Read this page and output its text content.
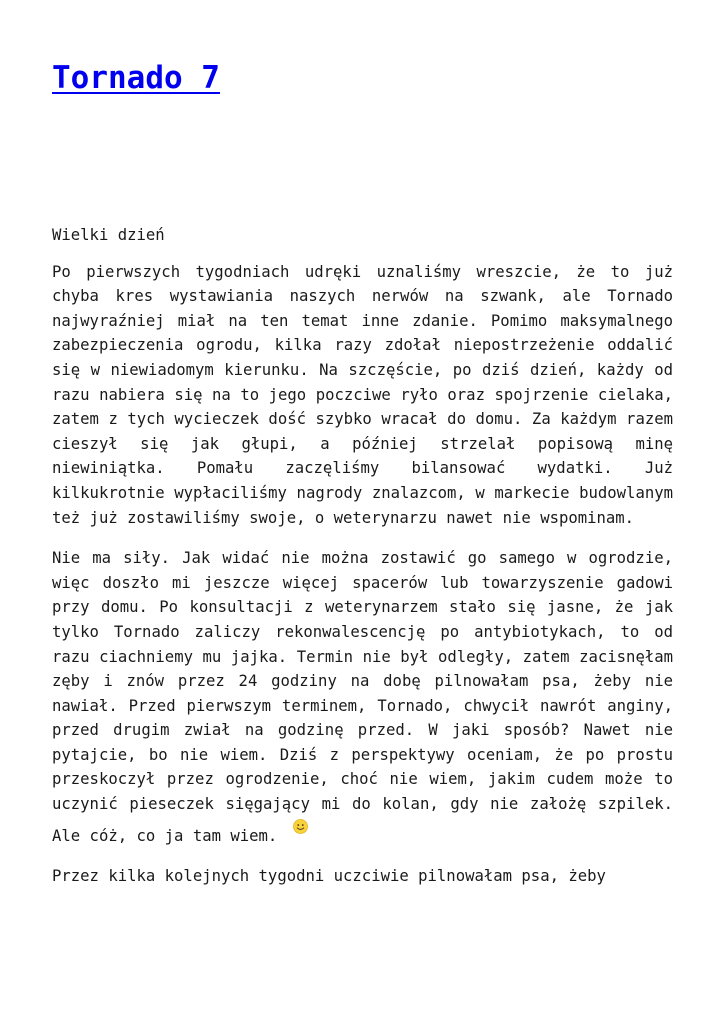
Tornado 7

Wielki dzień

Po pierwszych tygodniach udręki uznaliśmy wreszcie, że to już chyba kres wystawiania naszych nerwów na szwank, ale Tornado najwyraźniej miał na ten temat inne zdanie. Pomimo maksymalnego zabezpieczenia ogrodu, kilka razy zdołał niepostrzeżenie oddalić się w niewiadomym kierunku. Na szczęście, po dziś dzień, każdy od razu nabiera się na to jego poczciwe ryło oraz spojrzenie cielaka, zatem z tych wycieczek dość szybko wracał do domu. Za każdym razem cieszył się jak głupi, a później strzelał popisową minę niewiniątka. Pomału zaczęliśmy bilansować wydatki. Już kilkukrotnie wypłaciliśmy nagrody znalazcom, w markecie budowlanym też już zostawiliśmy swoje, o weterynarzu nawet nie wspominam.

Nie ma siły. Jak widać nie można zostawić go samego w ogrodzie, więc doszło mi jeszcze więcej spacerów lub towarzyszenie gadowi przy domu. Po konsultacji z weterynarzem stało się jasne, że jak tylko Tornado zaliczy rekonwalescencję po antybiotykach, to od razu ciachniemy mu jajka. Termin nie był odległy, zatem zacisnęłam zęby i znów przez 24 godziny na dobę pilnowałam psa, żeby nie nawiał. Przed pierwszym terminem, Tornado, chwycił nawrót anginy, przed drugim zwiał na godzinę przed. W jaki sposób? Nawet nie pytajcie, bo nie wiem. Dziś z perspektywy oceniam, że po prostu przeskoczył przez ogrodzenie, choć nie wiem, jakim cudem może to uczynić pieseczek sięgający mi do kolan, gdy nie założę szpilek. Ale cóż, co ja tam wiem.

Przez kilka kolejnych tygodni uczciwie pilnowałam psa, żeby
